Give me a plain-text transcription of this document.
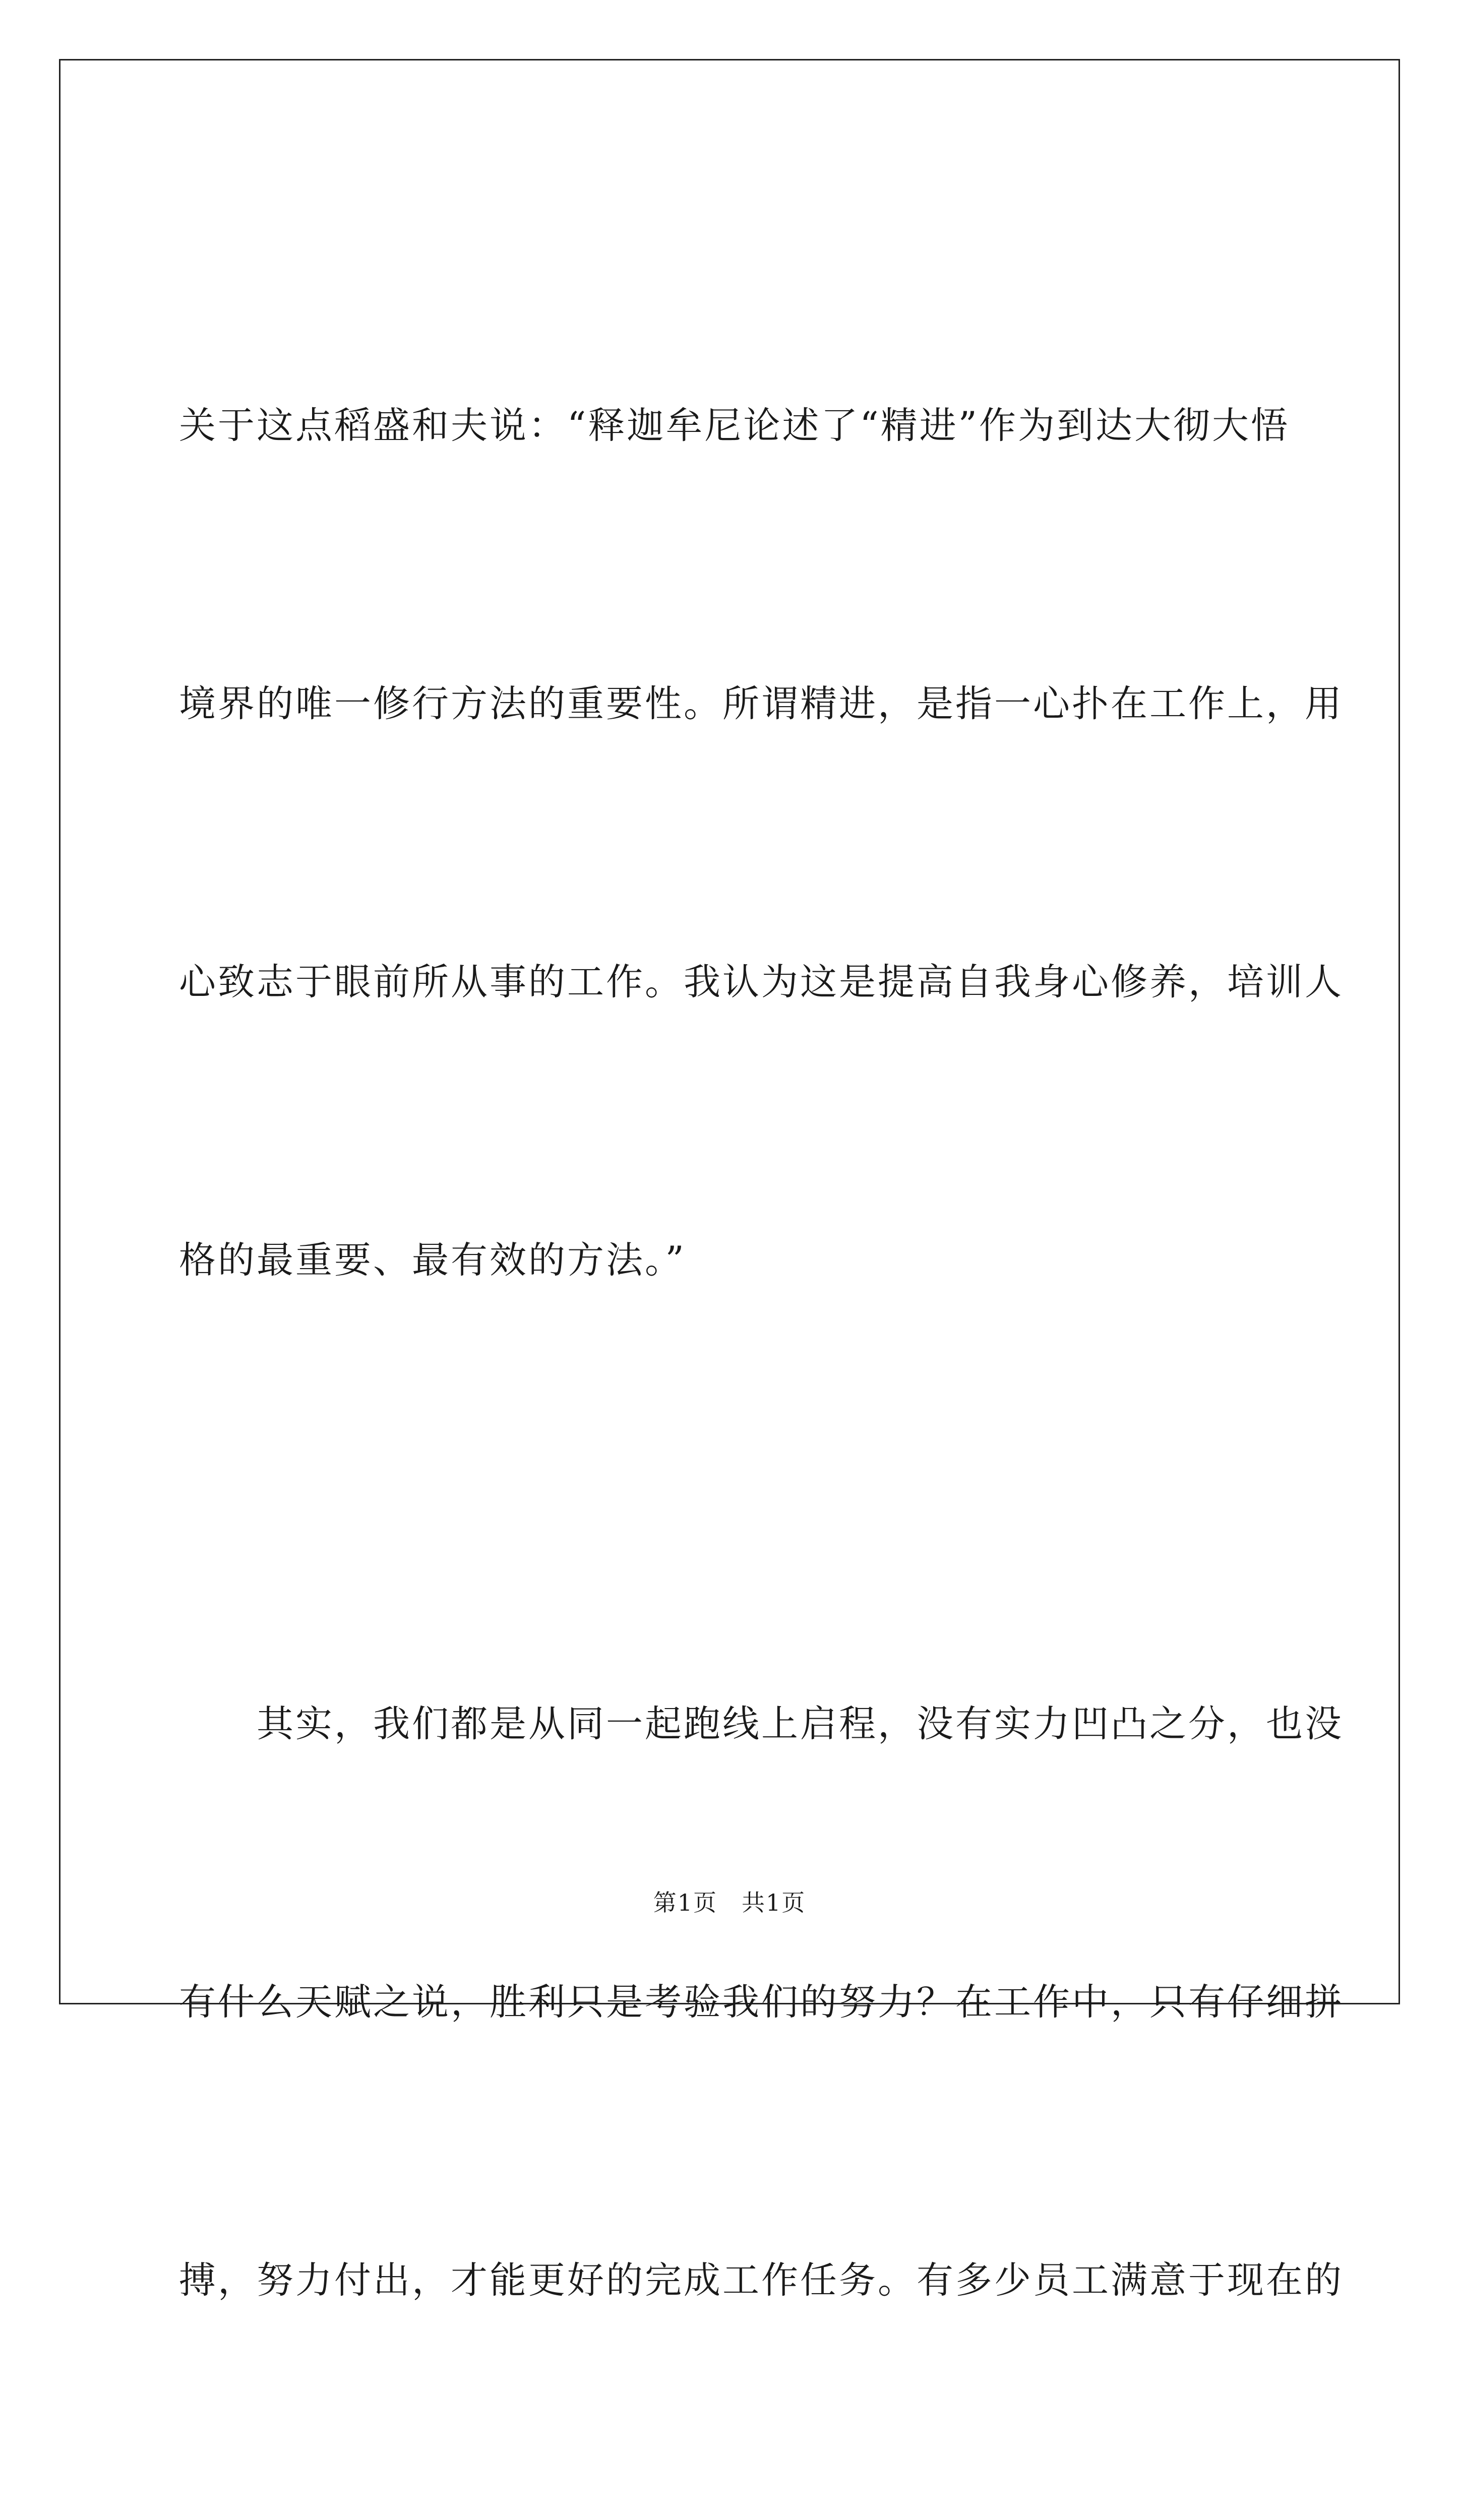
关于这点稻盛和夫说：“释迦牟尼论述了“精进”作为到达大彻大悟

境界的唯一修行方法的重要性。所谓精进，是指一心扑在工作上，用

心致志于眼前所从事的工作。我认为这是提高自我身心修养，培训人

格的最重要、最有效的方法。”

　　其实，我们都是从同一起跑线上启程，没有实力凹凸之分，也没

有什么天赋之说，胜利只是考验我们的努力？在工作中，只有仔细拼

搏，努力付出，才能更好的完成工作任务。有多少员工满意于现在的

第1页　共1页
